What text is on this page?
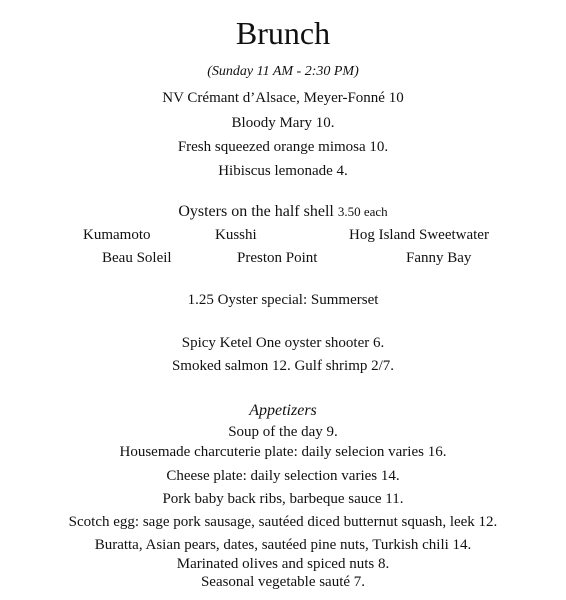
Brunch
(Sunday 11 AM - 2:30 PM)
NV Crémant d’Alsace, Meyer-Fonné 10
Bloody Mary 10.
Fresh squeezed orange mimosa 10.
Hibiscus lemonade 4.
Oysters on the half shell 3.50 each
Kumamoto	Kusshi	Hog Island Sweetwater
Beau Soleil	Preston Point	Fanny Bay
1.25 Oyster special: Summerset
Spicy Ketel One oyster shooter 6.
Smoked salmon 12. Gulf shrimp 2/7.
Appetizers
Soup of the day 9.
Housemade charcuterie plate: daily selecion varies 16.
Cheese plate: daily selection varies 14.
Pork baby back ribs, barbeque sauce 11.
Scotch egg: sage pork sausage, sautéed diced butternut squash, leek 12.
Buratta, Asian pears, dates, sautéed pine nuts, Turkish chili 14.
Marinated olives and spiced nuts 8.
Seasonal vegetable sauté 7.
